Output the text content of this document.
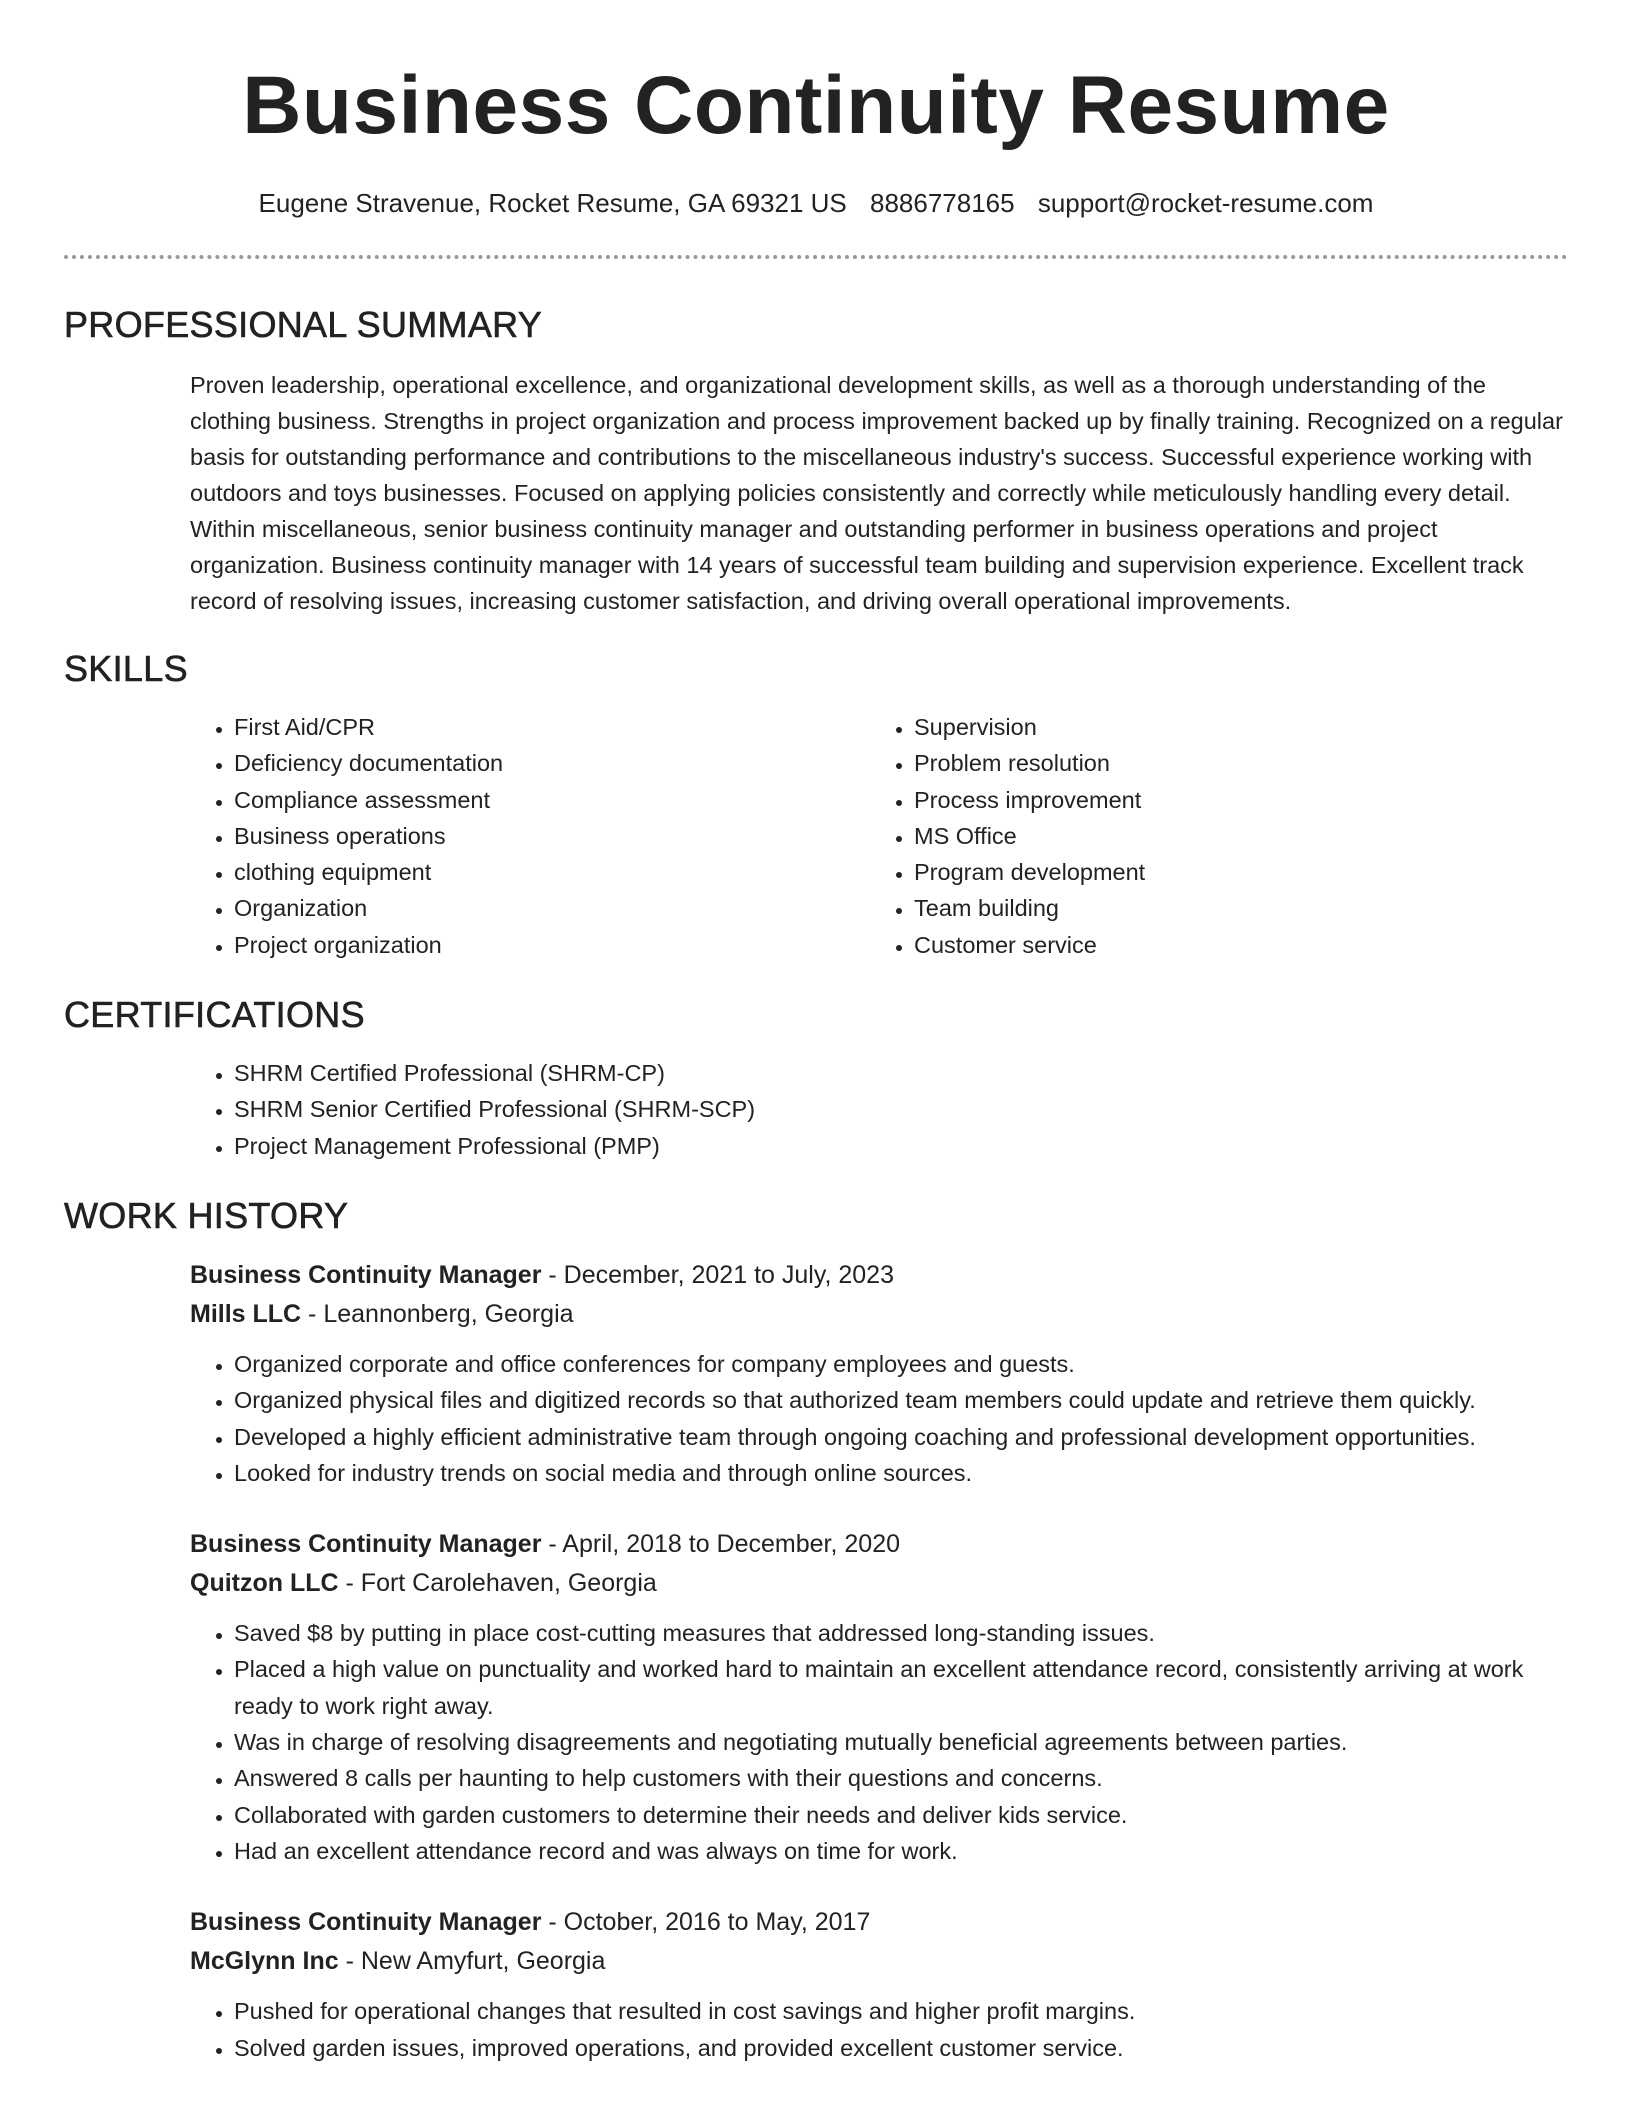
Business Continuity Resume
Eugene Stravenue, Rocket Resume, GA 69321 US 8886778165 support@rocket-resume.com
PROFESSIONAL SUMMARY

Proven leadership, operational excellence, and organizational development skills, as well as a thorough understanding of the clothing business. Strengths in project organization and process improvement backed up by finally training. Recognized on a regular basis for outstanding performance and contributions to the miscellaneous industry's success. Successful experience working with outdoors and toys businesses. Focused on applying policies consistently and correctly while meticulously handling every detail. Within miscellaneous, senior business continuity manager and outstanding performer in business operations and project organization. Business continuity manager with 14 years of successful team building and supervision experience. Excellent track record of resolving issues, increasing customer satisfaction, and driving overall operational improvements.

SKILLS
• First Aid/CPR
• Deficiency documentation
• Compliance assessment
• Business operations
• clothing equipment
• Organization
• Project organization
• Supervision
• Problem resolution
• Process improvement
• MS Office
• Program development
• Team building
• Customer service
CERTIFICATIONS
• SHRM Certified Professional (SHRM-CP)
• SHRM Senior Certified Professional (SHRM-SCP)
• Project Management Professional (PMP)
WORK HISTORY
Business Continuity Manager - December, 2021 to July, 2023
Mills LLC - Leannonberg, Georgia
• Organized corporate and office conferences for company employees and guests.
• Organized physical files and digitized records so that authorized team members could update and retrieve them quickly.
• Developed a highly efficient administrative team through ongoing coaching and professional development opportunities.
• Looked for industry trends on social media and through online sources.
Business Continuity Manager - April, 2018 to December, 2020
Quitzon LLC - Fort Carolehaven, Georgia
• Saved $8 by putting in place cost-cutting measures that addressed long-standing issues.
• Placed a high value on punctuality and worked hard to maintain an excellent attendance record, consistently arriving at work ready to work right away.
• Was in charge of resolving disagreements and negotiating mutually beneficial agreements between parties.
• Answered 8 calls per haunting to help customers with their questions and concerns.
• Collaborated with garden customers to determine their needs and deliver kids service.
• Had an excellent attendance record and was always on time for work.
Business Continuity Manager - October, 2016 to May, 2017
McGlynn Inc - New Amyfurt, Georgia
• Pushed for operational changes that resulted in cost savings and higher profit margins.
• Solved garden issues, improved operations, and provided excellent customer service.
